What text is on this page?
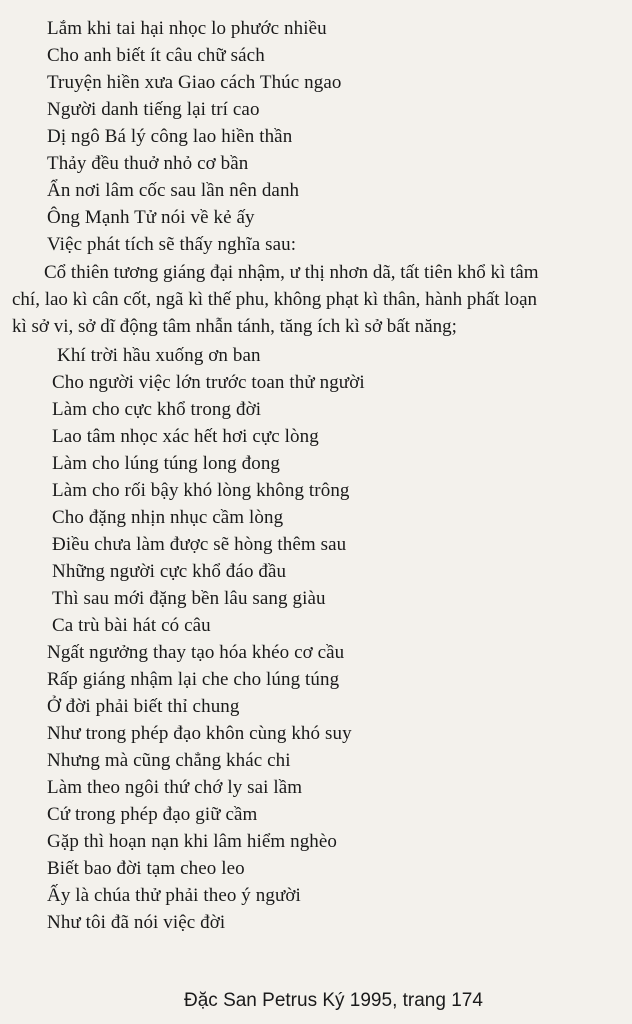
Lắm khi tai hại nhọc lo phước nhiều
Cho anh biết ít câu chữ sách
Truyện hiền xưa Giao cách Thúc ngao
Người danh tiếng lại trí cao
Dị ngô Bá lý công lao hiền thần
Thảy đều thuở nhỏ cơ bần
Ẩn nơi lâm cốc sau lần nên danh
Ông Mạnh Tử nói về kẻ ấy
Việc phát tích sẽ thấy nghĩa sau:
Cổ thiên tương giáng đại nhậm, ư thị nhơn dã, tất tiên khổ kì tâm
chí, lao kì cân cốt, ngã kì thế phu, không phạt kì thân, hành phất loạn
kì sở vi, sở dĩ động tâm nhẫn tánh, tăng ích kì sở bất năng;
Khí trời hầu xuống ơn ban
Cho người việc lớn trước toan thử người
Làm cho cực khổ trong đời
Lao tâm nhọc xác hết hơi cực lòng
Làm cho lúng túng long đong
Làm cho rối bậy khó lòng không trông
Cho đặng nhịn nhục cầm lòng
Điều chưa làm được sẽ hòng thêm sau
Những người cực khổ đáo đầu
Thì sau mới đặng bền lâu sang giàu
Ca trù bài hát có câu
Ngất ngưởng thay tạo hóa khéo cơ cầu
Rấp giáng nhậm lại che cho lúng túng
Ở đời phải biết thỉ chung
Như trong phép đạo khôn cùng khó suy
Nhưng mà cũng chẳng khác chi
Làm theo ngôi thứ chớ ly sai lầm
Cứ trong phép đạo giữ cầm
Gặp thì hoạn nạn khi lâm hiểm nghèo
Biết bao đời tạm cheo leo
Ấy là chúa thử phải theo ý người
Như tôi đã nói việc đời
Đặc San Petrus Ký 1995, trang 174
